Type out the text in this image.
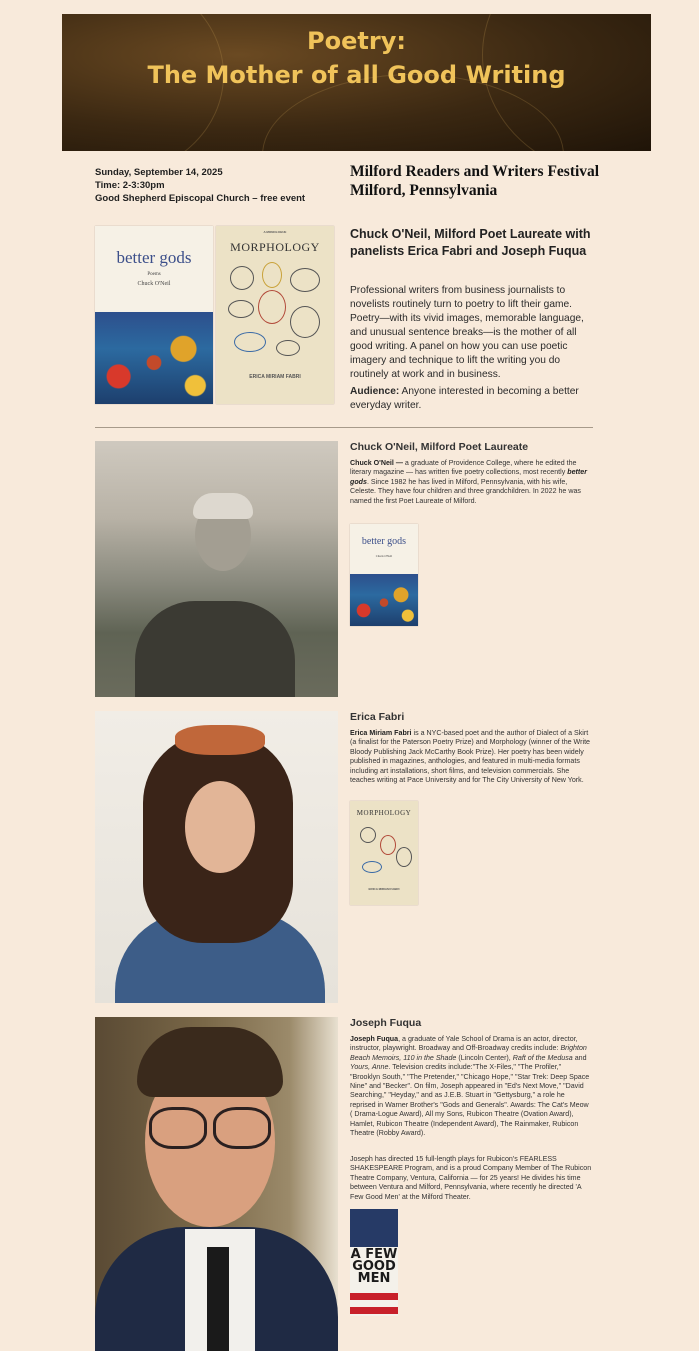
Poetry:
The Mother of all Good Writing
Sunday, September 14, 2025
Time: 2-3:30pm
Good Shepherd Episcopal Church – free event
Milford Readers and Writers Festival
Milford, Pennsylvania
better gods
Poems
Chuck O'Neil
A MONOLOGUE
MORPHOLOGY
ERICA MIRIAM FABRI
Chuck O'Neil, Milford Poet Laureate with panelists Erica Fabri and Joseph Fuqua
Professional writers from business journalists to novelists routinely turn to poetry to lift their game. Poetry—with its vivid images, memorable language, and unusual sentence breaks—is the mother of all good writing. A panel on how you can use poetic imagery and technique to lift the writing you do routinely at work and in business.
Audience: Anyone interested in becoming a better everyday writer.
Chuck O'Neil, Milford Poet Laureate
Chuck O'Neil — a graduate of Providence College, where he edited the literary magazine — has written five poetry collections, most recently better gods. Since 1982 he has lived in Milford, Pennsylvania, with his wife, Celeste. They have four children and three grandchildren. In 2022 he was named the first Poet Laureate of Milford.
better gods
Chuck O'Neil
Erica Fabri
Erica Miriam Fabri is a NYC-based poet and the author of Dialect of a Skirt (a finalist for the Paterson Poetry Prize) and Morphology (winner of the Write Bloody Publishing Jack McCarthy Book Prize). Her poetry has been widely published in magazines, anthologies, and featured in multi-media formats including art installations, short films, and television commercials. She teaches writing at Pace University and for The City University of New York.
MORPHOLOGY
ERICA MIRIAM FABRI
Joseph Fuqua
Joseph Fuqua, a graduate of Yale School of Drama is an actor, director, instructor, playwright. Broadway and Off-Broadway credits include: Brighton Beach Memoirs, 110 in the Shade (Lincoln Center), Raft of the Medusa and Yours, Anne. Television credits include:"The X-Files," "The Profiler," "Brooklyn South," "The Pretender," "Chicago Hope," "Star Trek: Deep Space Nine" and "Becker". On film, Joseph appeared in "Ed's Next Move," "David Searching," "Heyday," and as J.E.B. Stuart in "Gettysburg," a role he reprised in Warner Brother's "Gods and Generals". Awards: The Cat's Meow ( Drama-Logue Award), All my Sons, Rubicon Theatre (Ovation Award), Hamlet, Rubicon Theatre (Independent Award), The Rainmaker, Rubicon Theatre (Robby Award).
Joseph has directed 15 full-length plays for Rubicon's FEARLESS SHAKESPEARE Program, and is a proud Company Member of The Rubicon Theatre Company, Ventura, California — for 25 years! He divides his time between Ventura and Milford, Pennsylvania, where recently he directed 'A Few Good Men' at the Milford Theater.
A FEW GOOD MEN
